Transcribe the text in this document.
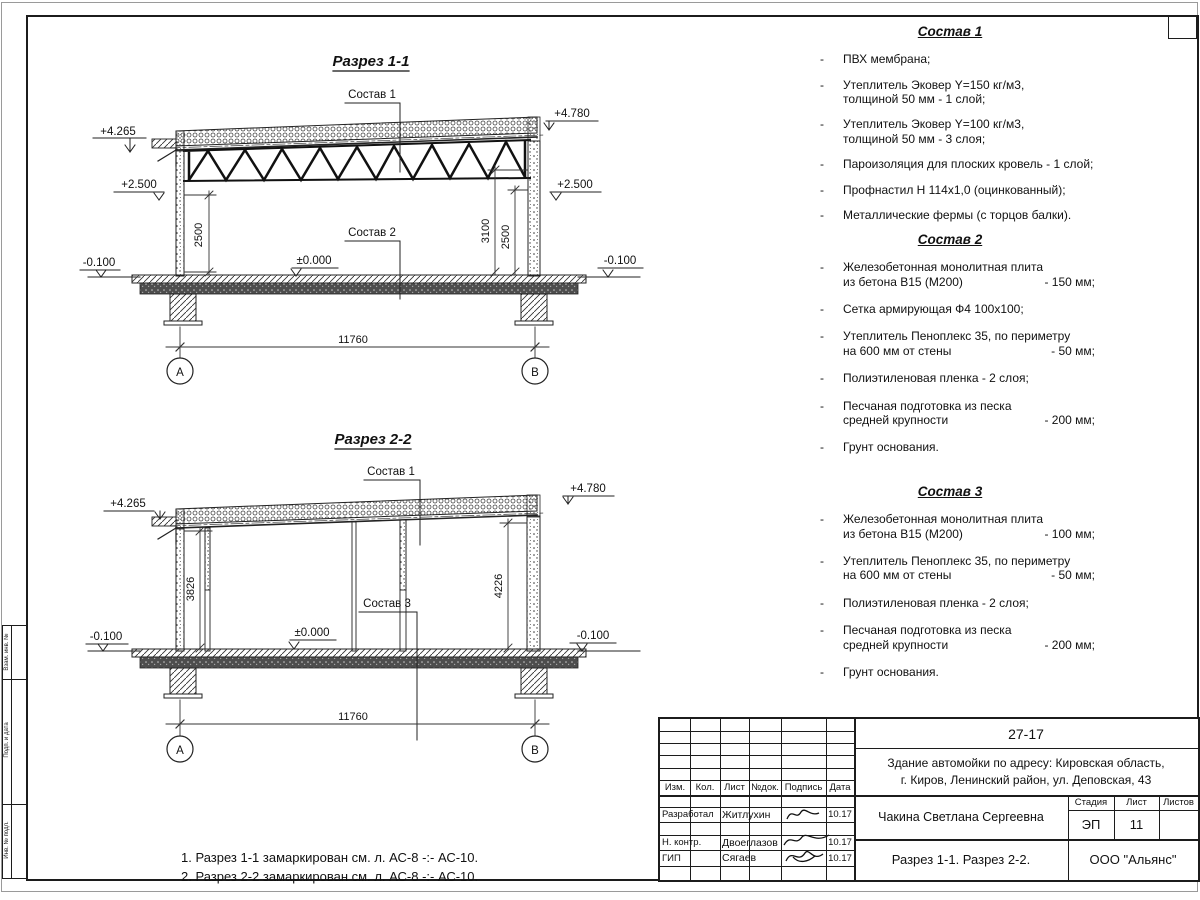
Разрез 1-1
2500	3100 2500
+4.265
+4.780
+2.500	+2.500
±0.000
-0.100	-0.100
Состав 1
Состав 2
11760
А	В
Разрез 2-2
3826	4226
+4.265
+4.780
±0.000
-0.100	-0.100
Состав 1
Состав 3
11760
А	В
Состав 1
-	ПВХ мембрана;
-	Утеплитель Эковер Y=150 кг/м3,
толщиной 50 мм - 1 слой;
-	Утеплитель Эковер Y=100 кг/м3,
толщиной 50 мм - 3 слоя;
-	Пароизоляция для плоских кровель - 1 слой;
-	Профнастил Н 114х1,0 (оцинкованный);
-	Металлические фермы (с торцов балки).
Состав 2
-	Железобетонная монолитная плита
из бетона В15 (М200)	- 150 мм;
-	Сетка армирующая Ф4 100х100;
-	Утеплитель Пеноплекс 35, по периметру
на 600 мм от стены	- 50 мм;
-	Полиэтиленовая пленка - 2 слоя;
-	Песчаная подготовка из песка
средней крупности	- 200 мм;
-	Грунт основания.
Состав 3
-	Железобетонная монолитная плита
из бетона В15 (М200)	- 100 мм;
-	Утеплитель Пеноплекс 35, по периметру
на 600 мм от стены	- 50 мм;
-	Полиэтиленовая пленка - 2 слоя;
-	Песчаная подготовка из песка
средней крупности	- 200 мм;
-	Грунт основания.
1. Разрез 1-1 замаркирован см. л. АС-8 -:- АС-10.
2. Разрез 2-2 замаркирован см. л. АС-8 -:- АС-10.
Взам. инв. №
Подп. и дата
Инв. № подл.
Изм.	Кол.	Лист №док. Подпись Дата
Разработал Житлухин	10.17
Н. контр.	Двоеглазов	10.17
ГИП	Сягаев	10.17
27-17
Здание автомойки по адресу: Кировская область,
г. Киров, Ленинский район, ул. Деповская, 43
Чакина Светлана Сергеевна
Стадия	Лист	Листов
ЭП	11
Разрез 1-1. Разрез 2-2.	ООО "Альянс"
